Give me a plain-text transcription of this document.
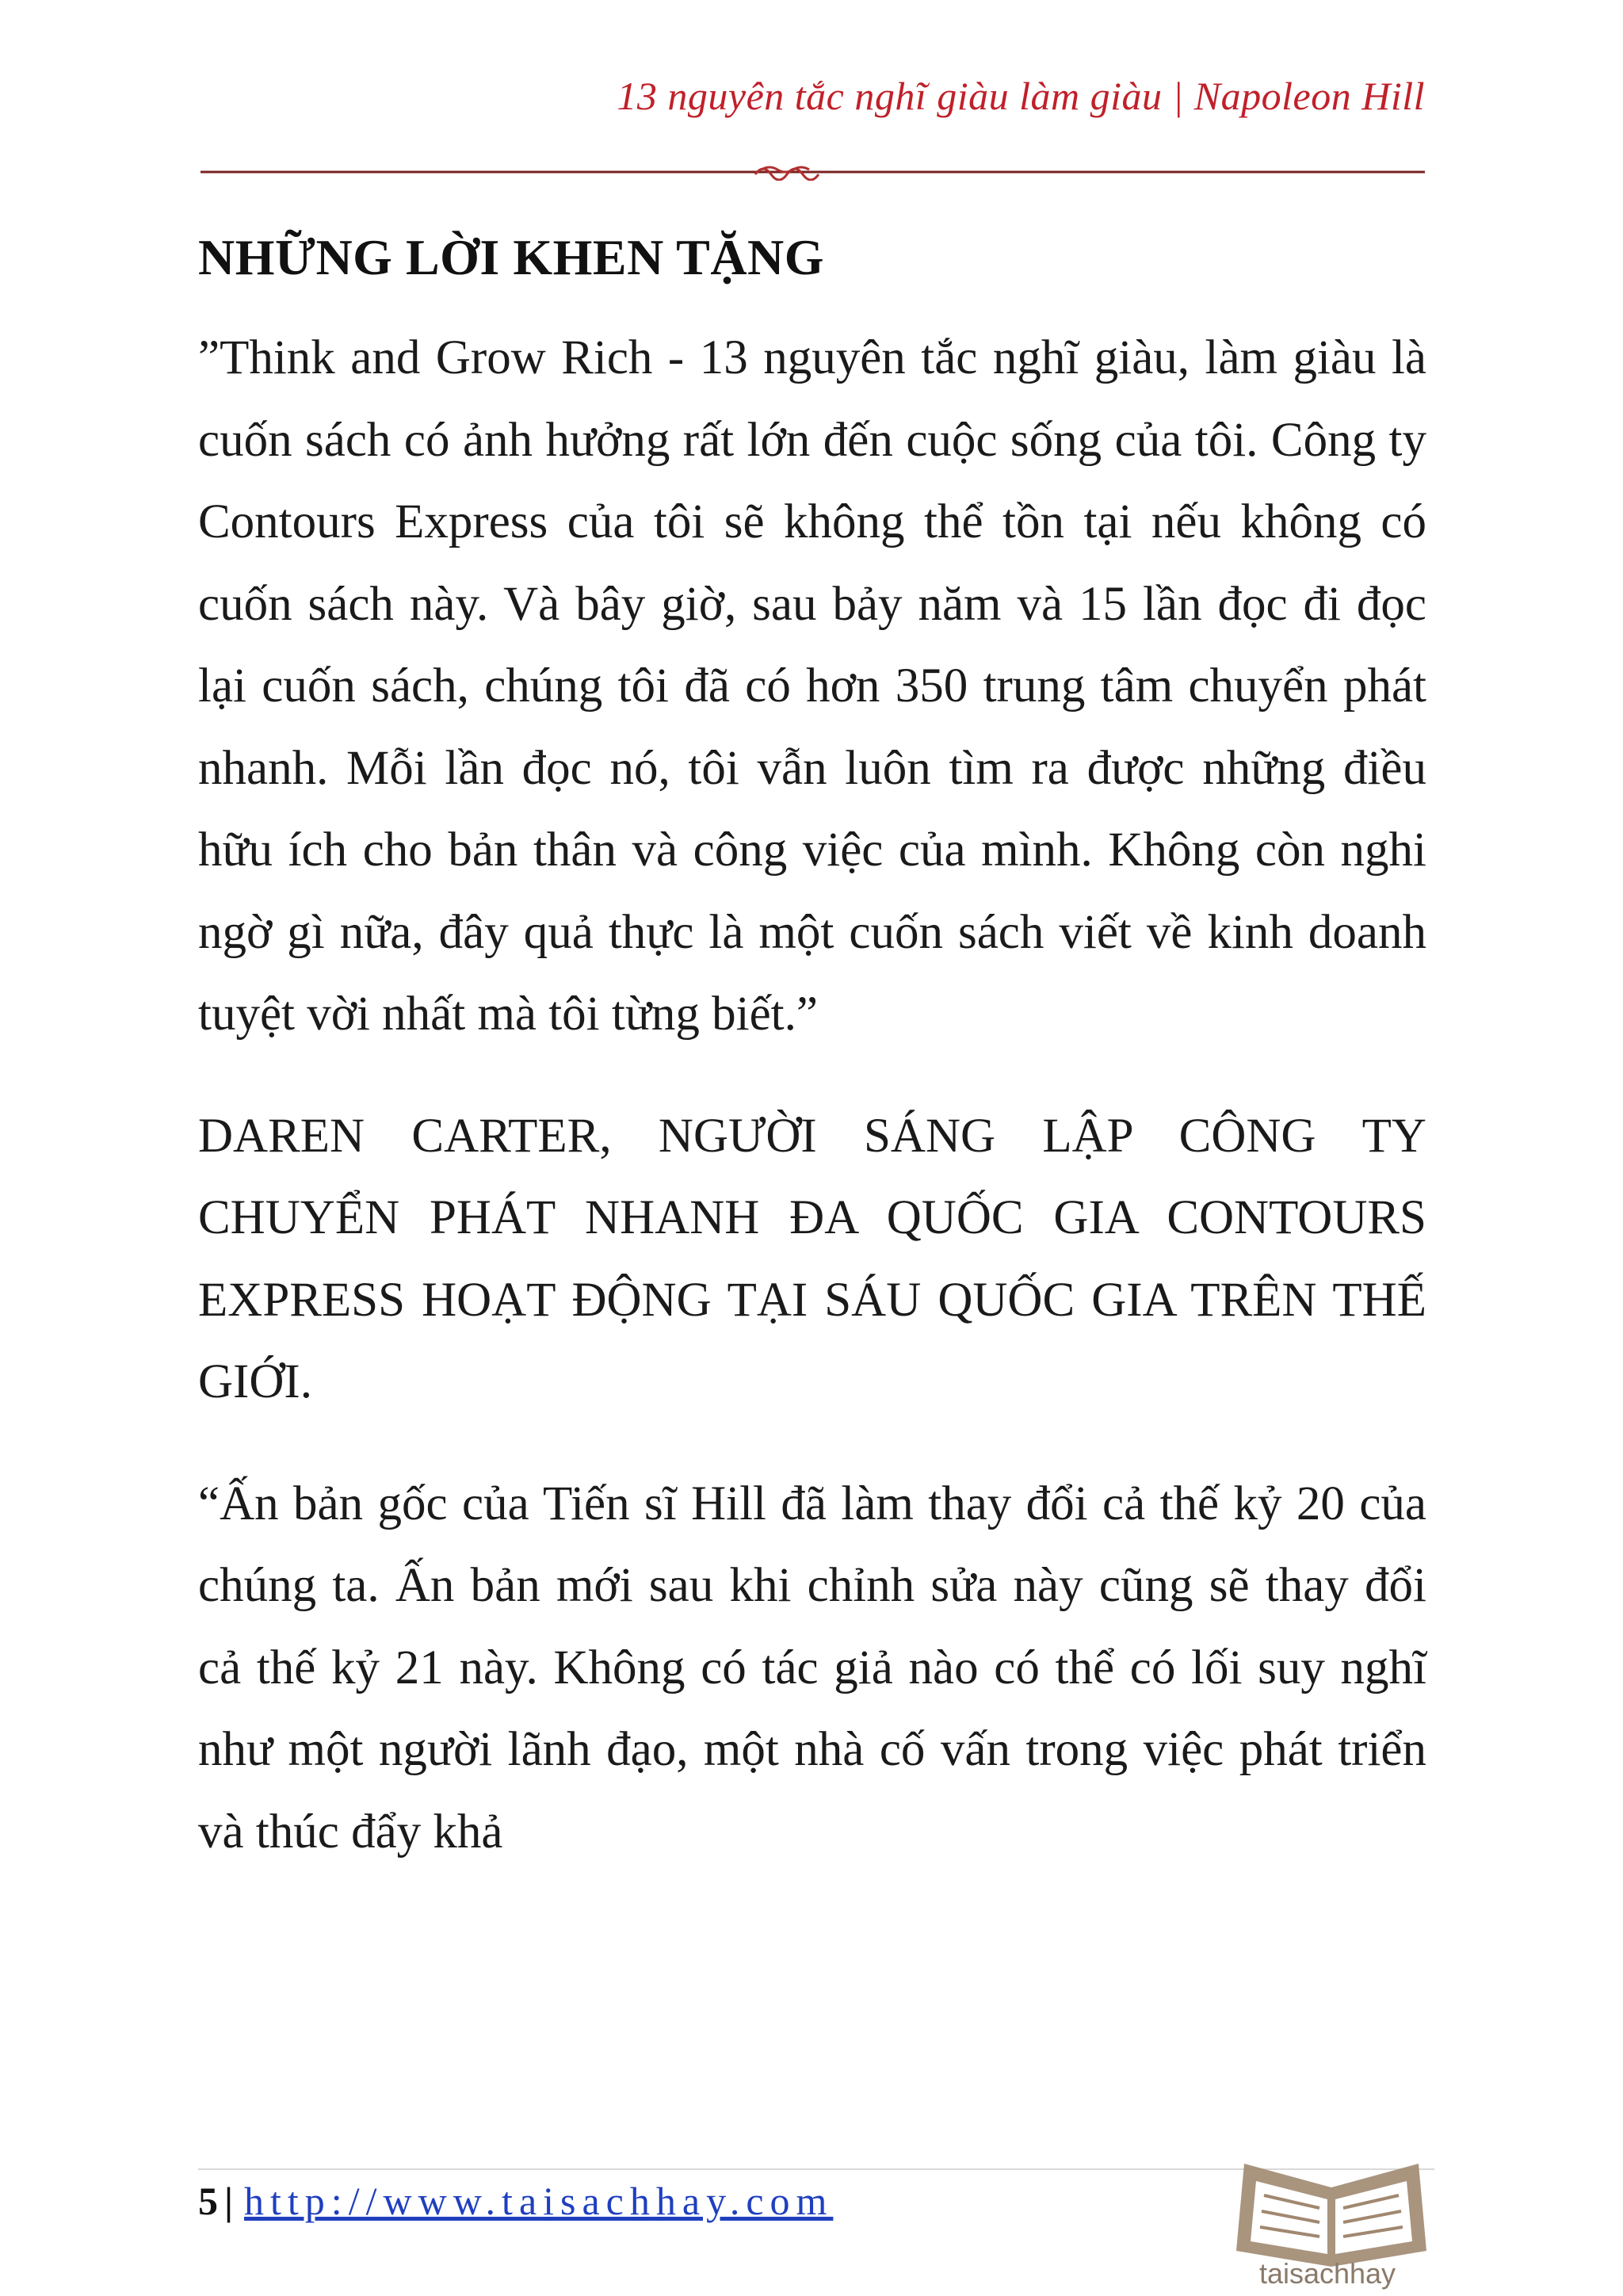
13 nguyên tắc nghĩ giàu làm giàu | Napoleon Hill
NHỮNG LỜI KHEN TẶNG

”Think and Grow Rich - 13 nguyên tắc nghĩ giàu, làm giàu là cuốn sách có ảnh hưởng rất lớn đến cuộc sống của tôi. Công ty Contours Express của tôi sẽ không thể tồn tại nếu không có cuốn sách này. Và bây giờ, sau bảy năm và 15 lần đọc đi đọc lại cuốn sách, chúng tôi đã có hơn 350 trung tâm chuyển phát nhanh. Mỗi lần đọc nó, tôi vẫn luôn tìm ra được những điều hữu ích cho bản thân và công việc của mình. Không còn nghi ngờ gì nữa, đây quả thực là một cuốn sách viết về kinh doanh tuyệt vời nhất mà tôi từng biết.”

DAREN CARTER, NGƯỜI SÁNG LẬP CÔNG TY CHUYỂN PHÁT NHANH ĐA QUỐC GIA CONTOURS EXPRESS HOẠT ĐỘNG TẠI SÁU QUỐC GIA TRÊN THẾ GIỚI.

“Ấn bản gốc của Tiến sĩ Hill đã làm thay đổi cả thế kỷ 20 của chúng ta. Ấn bản mới sau khi chỉnh sửa này cũng sẽ thay đổi cả thế kỷ 21 này. Không có tác giả nào có thể có lối suy nghĩ như một người lãnh đạo, một nhà cố vấn trong việc phát triển và thúc đẩy khả

5 | http://www.taisachhay.com
taisachhay
